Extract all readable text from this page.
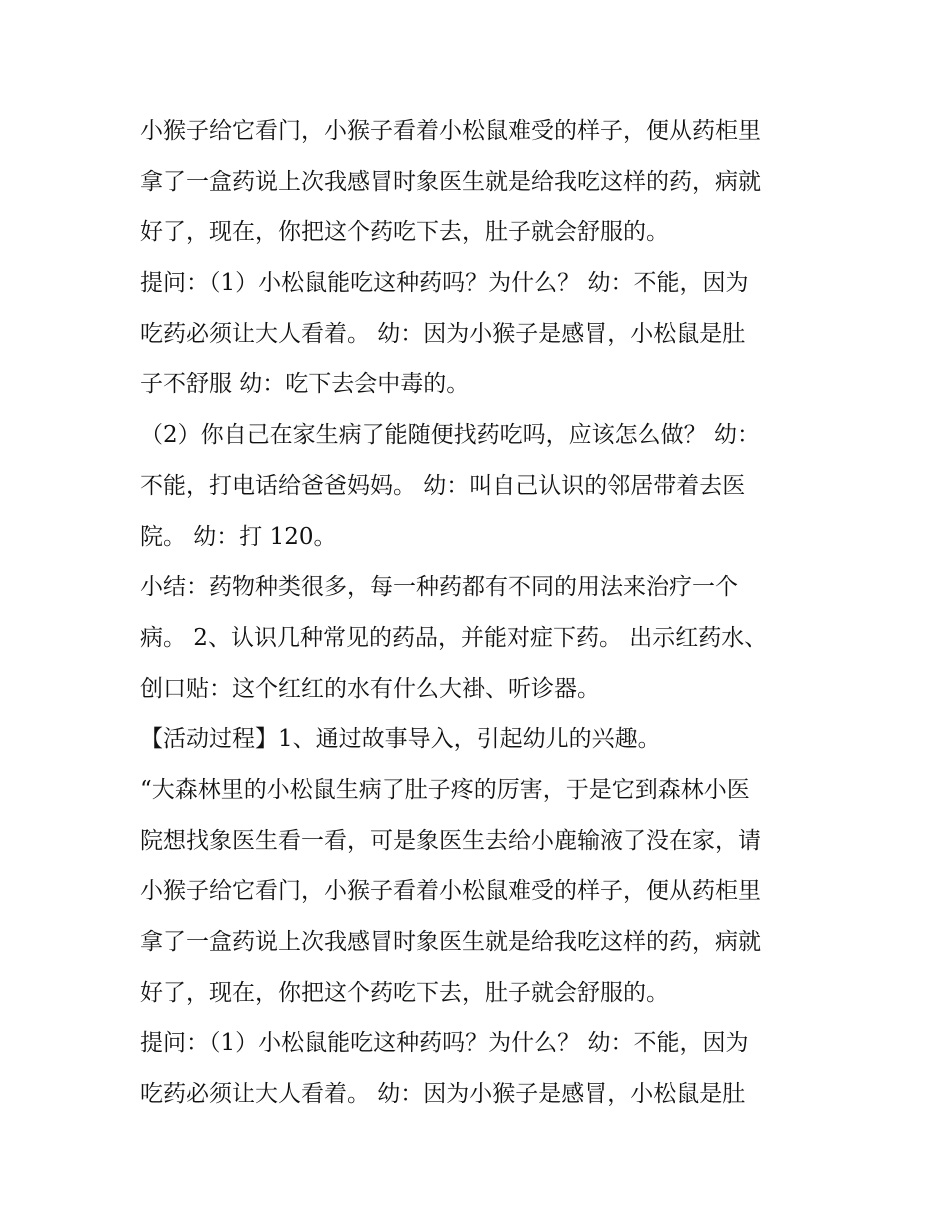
小猴子给它看门，小猴子看着小松鼠难受的样子，便从药柜里
拿了一盒药说上次我感冒时象医生就是给我吃这样的药，病就
好了，现在，你把这个药吃下去，肚子就会舒服的。
提问：（1）小松鼠能吃这种药吗？为什么？ 幼：不能，因为
吃药必须让大人看着。 幼：因为小猴子是感冒，小松鼠是肚
子不舒服 幼：吃下去会中毒的。
（2）你自己在家生病了能随便找药吃吗，应该怎么做？ 幼：
不能，打电话给爸爸妈妈。 幼：叫自己认识的邻居带着去医
院。 幼：打 120。
小结：药物种类很多，每一种药都有不同的用法来治疗一个
病。 2、认识几种常见的药品，并能对症下药。 出示红药水、
创口贴：这个红红的水有什么大褂、听诊器。
【活动过程】1、通过故事导入，引起幼儿的兴趣。
“大森林里的小松鼠生病了肚子疼的厉害，于是它到森林小医
院想找象医生看一看，可是象医生去给小鹿输液了没在家，请
小猴子给它看门，小猴子看着小松鼠难受的样子，便从药柜里
拿了一盒药说上次我感冒时象医生就是给我吃这样的药，病就
好了，现在，你把这个药吃下去，肚子就会舒服的。
提问：（1）小松鼠能吃这种药吗？为什么？ 幼：不能，因为
吃药必须让大人看着。 幼：因为小猴子是感冒，小松鼠是肚
